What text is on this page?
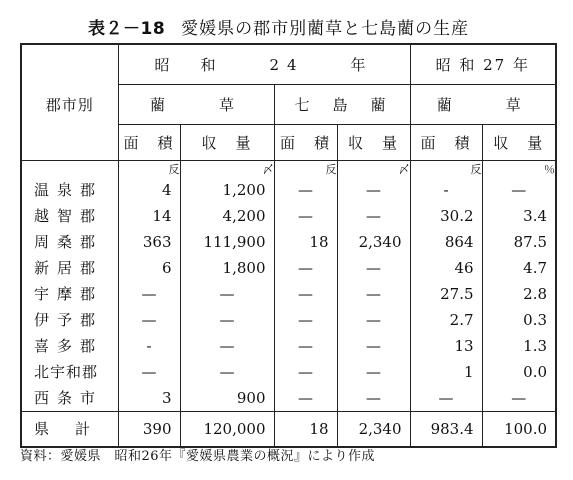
表２－18 愛媛県の郡市別藺草と七島藺の生産
	昭　和　　24　　年				昭 和 27 年	
郡市別	藺　　草		七　島　藺		藺　　草	
	面　積	収　量	面　積	収　量	面　積	収　量
	反	〆	反	〆	反	％
温泉郡	4	1,200	—	—	-	—
越智郡	14	4,200	—	—	30.2	3.4
周桑郡	363	111,900	18	2,340	864	87.5
新居郡	6	1,800	—	—	46	4.7
宇摩郡	—	—	—	—	27.5	2.8
伊予郡	—	—	—	—	2.7	0.3
喜多郡	-	—	—	—	13	1.3
北宇和郡	—	—	—	—	1	0.0
西条市	3	900	—	—	—	—
県計	390	120,000	18	2,340	983.4	100.0
資料：愛媛県　昭和26年『愛媛県農業の概況』により作成
